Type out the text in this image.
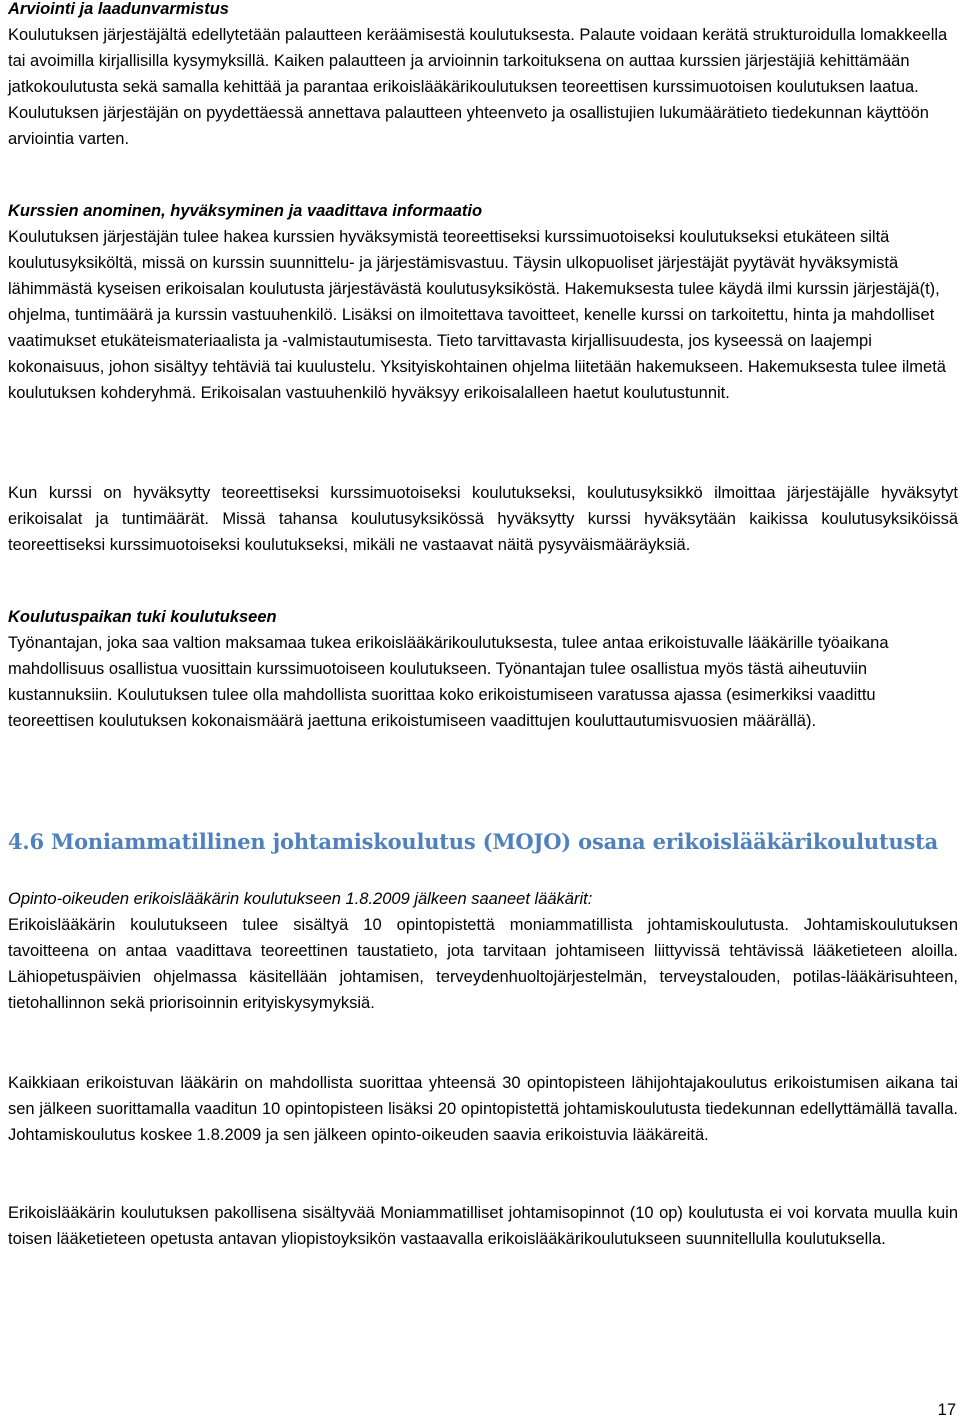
Arviointi ja laadunvarmistus

Koulutuksen järjestäjältä edellytetään palautteen keräämisestä koulutuksesta. Palaute voidaan kerätä strukturoidulla lomakkeella tai avoimilla kirjallisilla kysymyksillä. Kaiken palautteen ja arvioinnin tarkoituksena on auttaa kurssien järjestäjiä kehittämään jatkokoulutusta sekä samalla kehittää ja parantaa erikoislääkärikoulutuksen teoreettisen kurssimuotoisen koulutuksen laatua. Koulutuksen järjestäjän on pyydettäessä annettava palautteen yhteenveto ja osallistujien lukumäärätieto tiedekunnan käyttöön arviointia varten.

Kurssien anominen, hyväksyminen ja vaadittava informaatio

Koulutuksen järjestäjän tulee hakea kurssien hyväksymistä teoreettiseksi kurssimuotoiseksi koulutukseksi etukäteen siltä koulutusyksiköltä, missä on kurssin suunnittelu- ja järjestämisvastuu. Täysin ulkopuoliset järjestäjät pyytävät hyväksymistä lähimmästä kyseisen erikoisalan koulutusta järjestävästä koulutusyksiköstä. Hakemuksesta tulee käydä ilmi kurssin järjestäjä(t), ohjelma, tuntimäärä ja kurssin vastuuhenkilö. Lisäksi on ilmoitettava tavoitteet, kenelle kurssi on tarkoitettu, hinta ja mahdolliset vaatimukset etukäteismateriaalista ja -valmistautumisesta. Tieto tarvittavasta kirjallisuudesta, jos kyseessä on laajempi kokonaisuus, johon sisältyy tehtäviä tai kuulustelu. Yksityiskohtainen ohjelma liitetään hakemukseen. Hakemuksesta tulee ilmetä koulutuksen kohderyhmä. Erikoisalan vastuuhenkilö hyväksyy erikoisalalleen haetut koulutustunnit.

Kun kurssi on hyväksytty teoreettiseksi kurssimuotoiseksi koulutukseksi, koulutusyksikkö ilmoittaa järjestäjälle hyväksytyt erikoisalat ja tuntimäärät. Missä tahansa koulutusyksikössä hyväksytty kurssi hyväksytään kaikissa koulutusyksiköissä teoreettiseksi kurssimuotoiseksi koulutukseksi, mikäli ne vastaavat näitä pysyväismääräyksiä.

Koulutuspaikan tuki koulutukseen

Työnantajan, joka saa valtion maksamaa tukea erikoislääkärikoulutuksesta, tulee antaa erikoistuvalle lääkärille työaikana mahdollisuus osallistua vuosittain kurssimuotoiseen koulutukseen. Työnantajan tulee osallistua myös tästä aiheutuviin kustannuksiin. Koulutuksen tulee olla mahdollista suorittaa koko erikoistumiseen varatussa ajassa (esimerkiksi vaadittu teoreettisen koulutuksen kokonaismäärä jaettuna erikoistumiseen vaadittujen kouluttautumisvuosien määrällä).

4.6 Moniammatillinen johtamiskoulutus (MOJO) osana erikoislääkärikoulutusta

Opinto-oikeuden erikoislääkärin koulutukseen 1.8.2009 jälkeen saaneet lääkärit:

Erikoislääkärin koulutukseen tulee sisältyä 10 opintopistettä moniammatillista johtamiskoulutusta. Johtamiskoulutuksen tavoitteena on antaa vaadittava teoreettinen taustatieto, jota tarvitaan johtamiseen liittyvissä tehtävissä lääketieteen aloilla. Lähiopetuspäivien ohjelmassa käsitellään johtamisen, terveydenhuoltojärjestelmän, terveystalouden, potilas-lääkärisuhteen, tietohallinnon sekä priorisoinnin erityiskysymyksiä.

Kaikkiaan erikoistuvan lääkärin on mahdollista suorittaa yhteensä 30 opintopisteen lähijohtajakoulutus erikoistumisen aikana tai sen jälkeen suorittamalla vaaditun 10 opintopisteen lisäksi 20 opintopistettä johtamiskoulutusta tiedekunnan edellyttämällä tavalla. Johtamiskoulutus koskee 1.8.2009 ja sen jälkeen opinto-oikeuden saavia erikoistuvia lääkäreitä.

Erikoislääkärin koulutuksen pakollisena sisältyvää Moniammatilliset johtamisopinnot (10 op) koulutusta ei voi korvata muulla kuin toisen lääketieteen opetusta antavan yliopistoyksikön vastaavalla erikoislääkärikoulutukseen suunnitellulla koulutuksella.

17
